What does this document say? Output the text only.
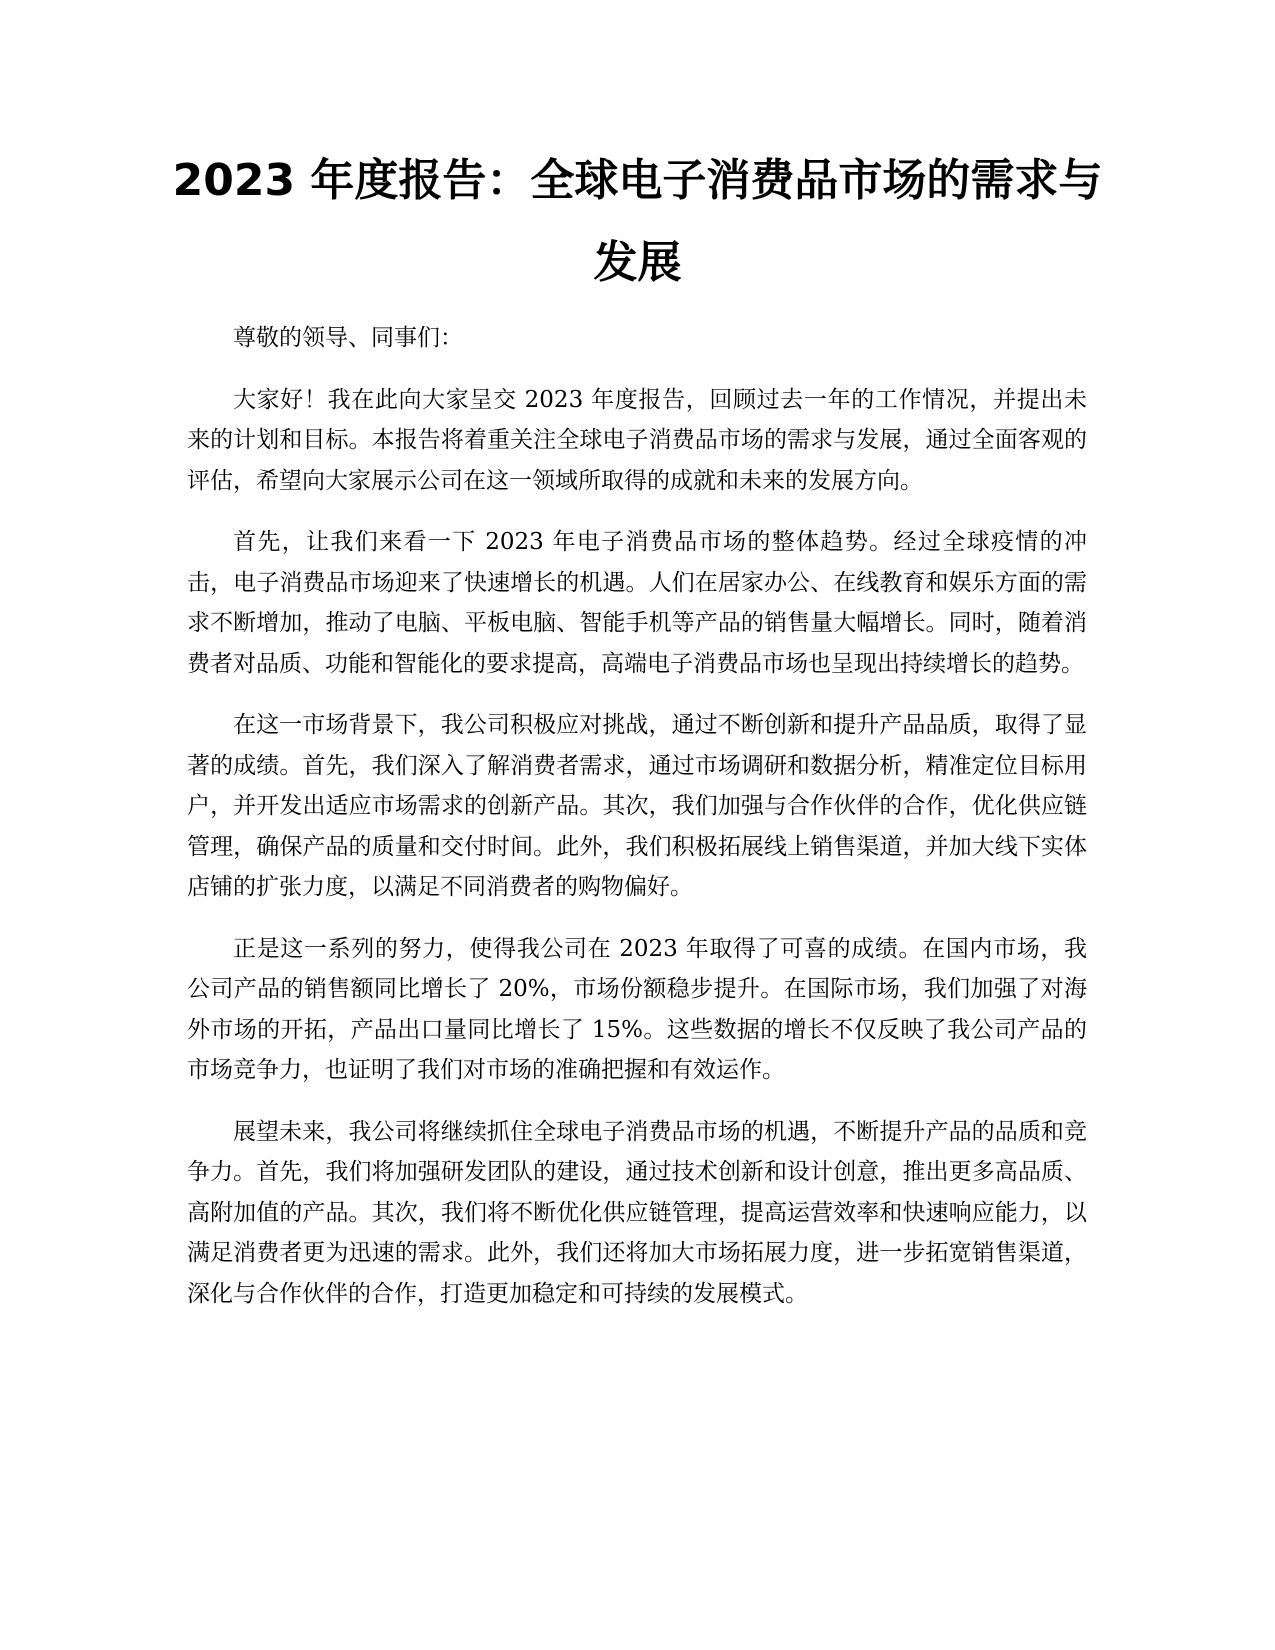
2023 年度报告：全球电子消费品市场的需求与发展

尊敬的领导、同事们：

大家好！我在此向大家呈交 2023 年度报告，回顾过去一年的工作情况，并提出未来的计划和目标。本报告将着重关注全球电子消费品市场的需求与发展，通过全面客观的评估，希望向大家展示公司在这一领域所取得的成就和未来的发展方向。

首先，让我们来看一下 2023 年电子消费品市场的整体趋势。经过全球疫情的冲击，电子消费品市场迎来了快速增长的机遇。人们在居家办公、在线教育和娱乐方面的需求不断增加，推动了电脑、平板电脑、智能手机等产品的销售量大幅增长。同时，随着消费者对品质、功能和智能化的要求提高，高端电子消费品市场也呈现出持续增长的趋势。

在这一市场背景下，我公司积极应对挑战，通过不断创新和提升产品品质，取得了显著的成绩。首先，我们深入了解消费者需求，通过市场调研和数据分析，精准定位目标用户，并开发出适应市场需求的创新产品。其次，我们加强与合作伙伴的合作，优化供应链管理，确保产品的质量和交付时间。此外，我们积极拓展线上销售渠道，并加大线下实体店铺的扩张力度，以满足不同消费者的购物偏好。

正是这一系列的努力，使得我公司在 2023 年取得了可喜的成绩。在国内市场，我公司产品的销售额同比增长了 20%，市场份额稳步提升。在国际市场，我们加强了对海外市场的开拓，产品出口量同比增长了 15%。这些数据的增长不仅反映了我公司产品的市场竞争力，也证明了我们对市场的准确把握和有效运作。

展望未来，我公司将继续抓住全球电子消费品市场的机遇，不断提升产品的品质和竞争力。首先，我们将加强研发团队的建设，通过技术创新和设计创意，推出更多高品质、高附加值的产品。其次，我们将不断优化供应链管理，提高运营效率和快速响应能力，以满足消费者更为迅速的需求。此外，我们还将加大市场拓展力度，进一步拓宽销售渠道，深化与合作伙伴的合作，打造更加稳定和可持续的发展模式。
